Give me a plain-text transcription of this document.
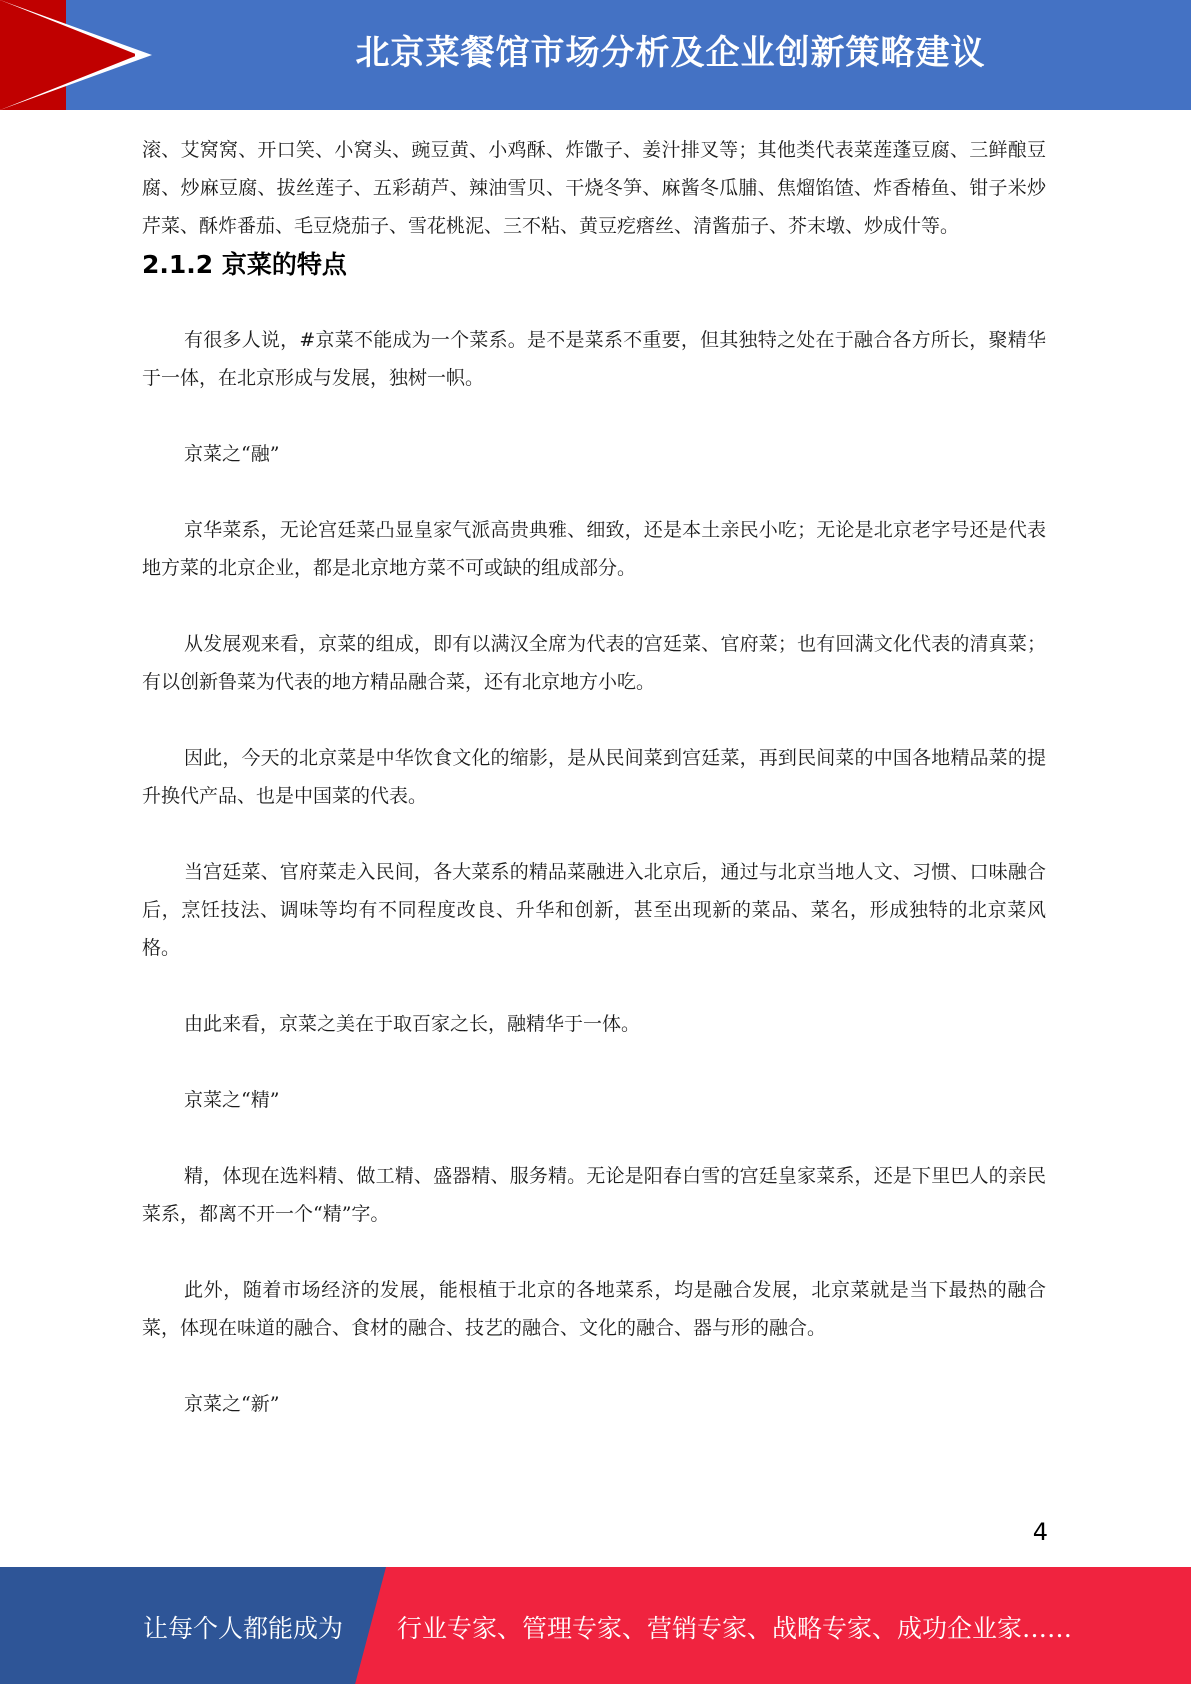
北京菜餐馆市场分析及企业创新策略建议

滚、艾窝窝、开口笑、小窝头、豌豆黄、小鸡酥、炸馓子、姜汁排叉等；其他类代表菜莲蓬豆腐、三鲜酿豆腐、炒麻豆腐、拔丝莲子、五彩葫芦、辣油雪贝、干烧冬笋、麻酱冬瓜脯、焦熘馅馇、炸香椿鱼、钳子米炒芹菜、酥炸番茄、毛豆烧茄子、雪花桃泥、三不粘、黄豆疙瘩丝、清酱茄子、芥末墩、炒成什等。

2.1.2 京菜的特点

有很多人说，#京菜不能成为一个菜系。是不是菜系不重要，但其独特之处在于融合各方所长，聚精华于一体，在北京形成与发展，独树一帜。

京菜之“融”

京华菜系，无论宫廷菜凸显皇家气派高贵典雅、细致，还是本土亲民小吃；无论是北京老字号还是代表地方菜的北京企业，都是北京地方菜不可或缺的组成部分。

从发展观来看，京菜的组成，即有以满汉全席为代表的宫廷菜、官府菜；也有回满文化代表的清真菜；有以创新鲁菜为代表的地方精品融合菜，还有北京地方小吃。

因此，今天的北京菜是中华饮食文化的缩影，是从民间菜到宫廷菜，再到民间菜的中国各地精品菜的提升换代产品、也是中国菜的代表。

当宫廷菜、官府菜走入民间，各大菜系的精品菜融进入北京后，通过与北京当地人文、习惯、口味融合后，烹饪技法、调味等均有不同程度改良、升华和创新，甚至出现新的菜品、菜名，形成独特的北京菜风格。

由此来看，京菜之美在于取百家之长，融精华于一体。

京菜之“精”

精，体现在选料精、做工精、盛器精、服务精。无论是阳春白雪的宫廷皇家菜系，还是下里巴人的亲民菜系，都离不开一个“精”字。

此外，随着市场经济的发展，能根植于北京的各地菜系，均是融合发展，北京菜就是当下最热的融合菜，体现在味道的融合、食材的融合、技艺的融合、文化的融合、器与形的融合。

京菜之“新”

4
让每个人都能成为 行业专家、管理专家、营销专家、战略专家、成功企业家……
